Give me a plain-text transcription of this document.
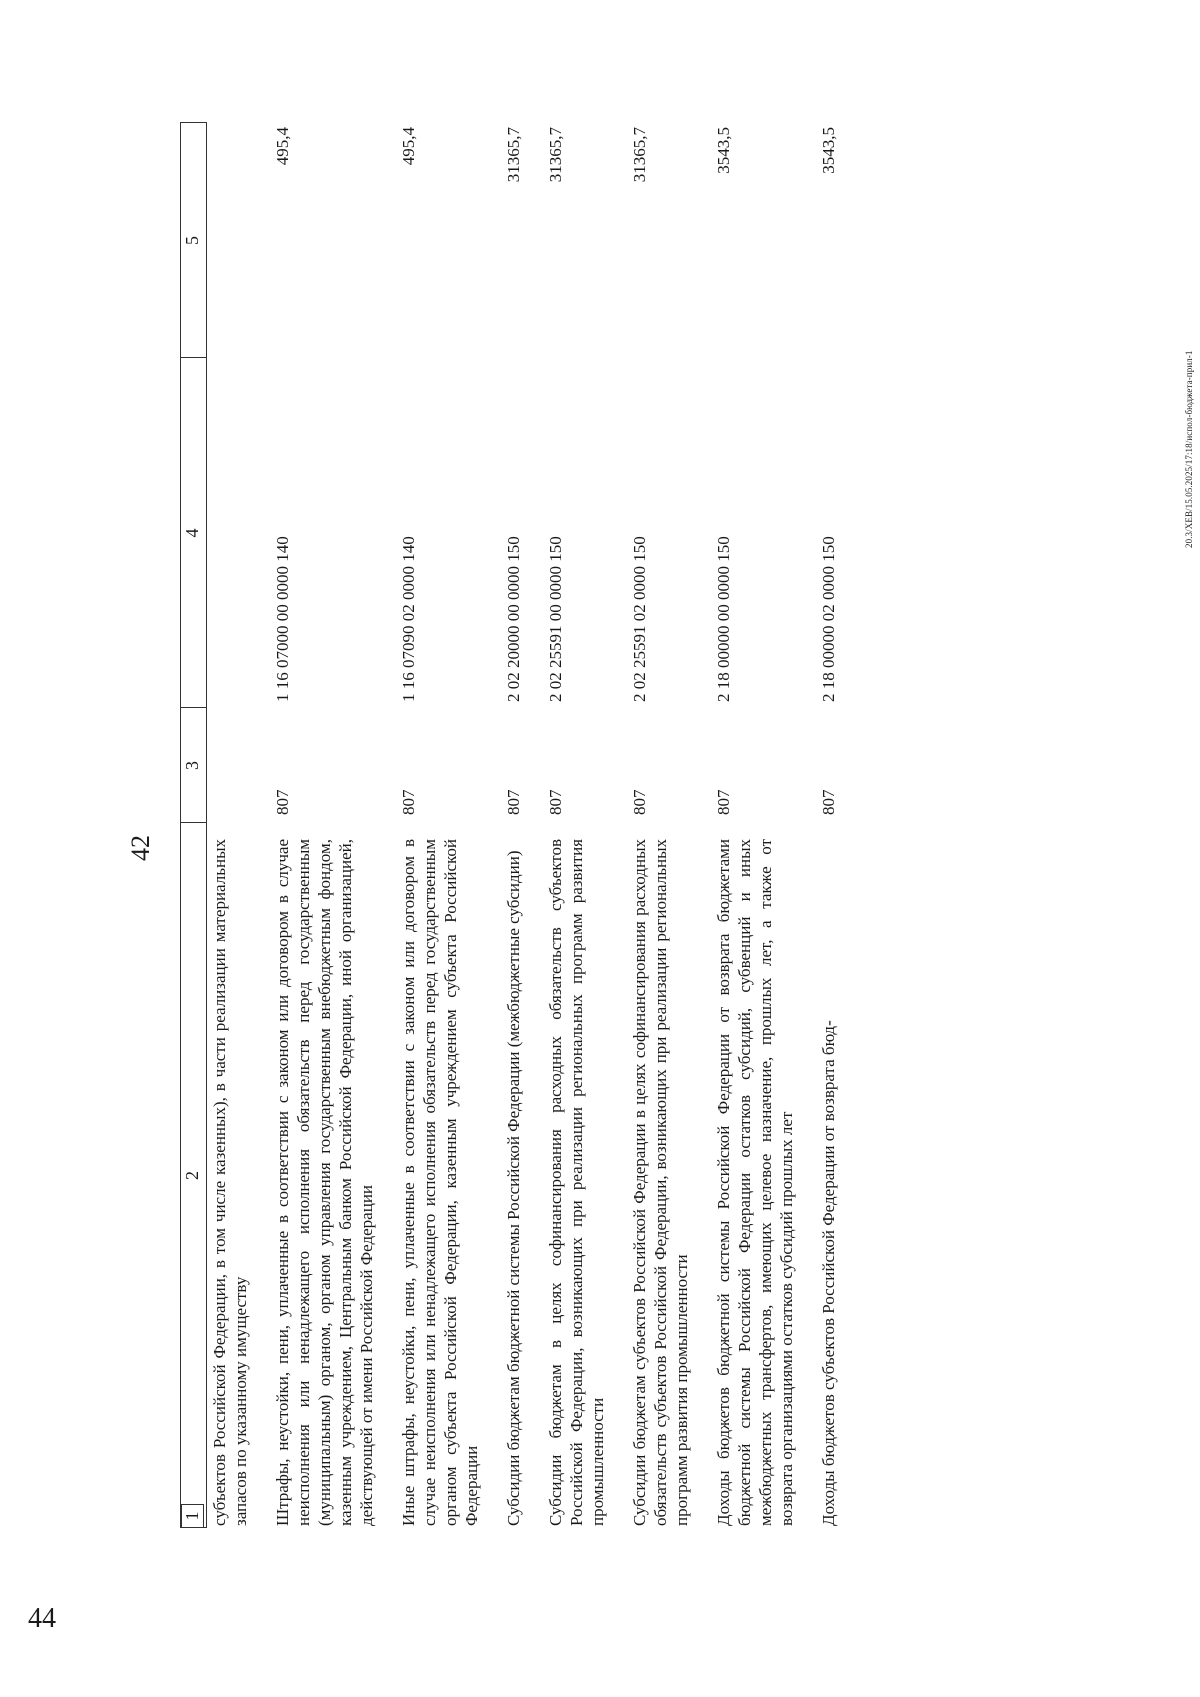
44
42
1	2	3	4	5
	субъектов Российской Федерации, в том числе казенных), в части реализации материальных запасов по указанному имуществу			
	Штрафы, неустойки, пени, уплаченные в соответствии с законом или договором в случае неисполнения или ненадлежащего исполнения обязательств перед государственным (муниципальным) органом, органом управления государственным внебюджетным фондом, казенным учреждением, Центральным банком Российской Федерации, иной организацией, действующей от имени Российской Федерации	807	1 16 07000 00 0000 140	495,4
	Иные штрафы, неустойки, пени, уплаченные в соответствии с законом или договором в случае неисполнения или ненадлежащего исполнения обязательств перед государственным органом субъекта Российской Федерации, казенным учреждением субъекта Российской Федерации	807	1 16 07090 02 0000 140	495,4
	Субсидии бюджетам бюджетной системы Российской Федерации (межбюджетные субсидии)	807	2 02 20000 00 0000 150	31365,7
	Субсидии бюджетам в целях софинансирования расходных обязательств субъектов Российской Федерации, возникающих при реализации региональных программ развития промышленности	807	2 02 25591 00 0000 150	31365,7
	Субсидии бюджетам субъектов Российской Федерации в целях софинансирования расходных обязательств субъектов Российской Федерации, возникающих при реализации региональных программ развития промышленности	807	2 02 25591 02 0000 150	31365,7
	Доходы бюджетов бюджетной системы Российской Федерации от возврата бюджетами бюджетной системы Российской Федерации остатков субсидий, субвенций и иных межбюджетных трансфертов, имеющих целевое назначение, прошлых лет, а также от возврата организациями остатков субсидий прошлых лет	807	2 18 00000 00 0000 150	3543,5
	Доходы бюджетов субъектов Российской Федерации от возврата бюд-	807	2 18 00000 02 0000 150	3543,5
20.3/ХЕВ/15.05.2025/17:18/испол-бюджета-прил-1
